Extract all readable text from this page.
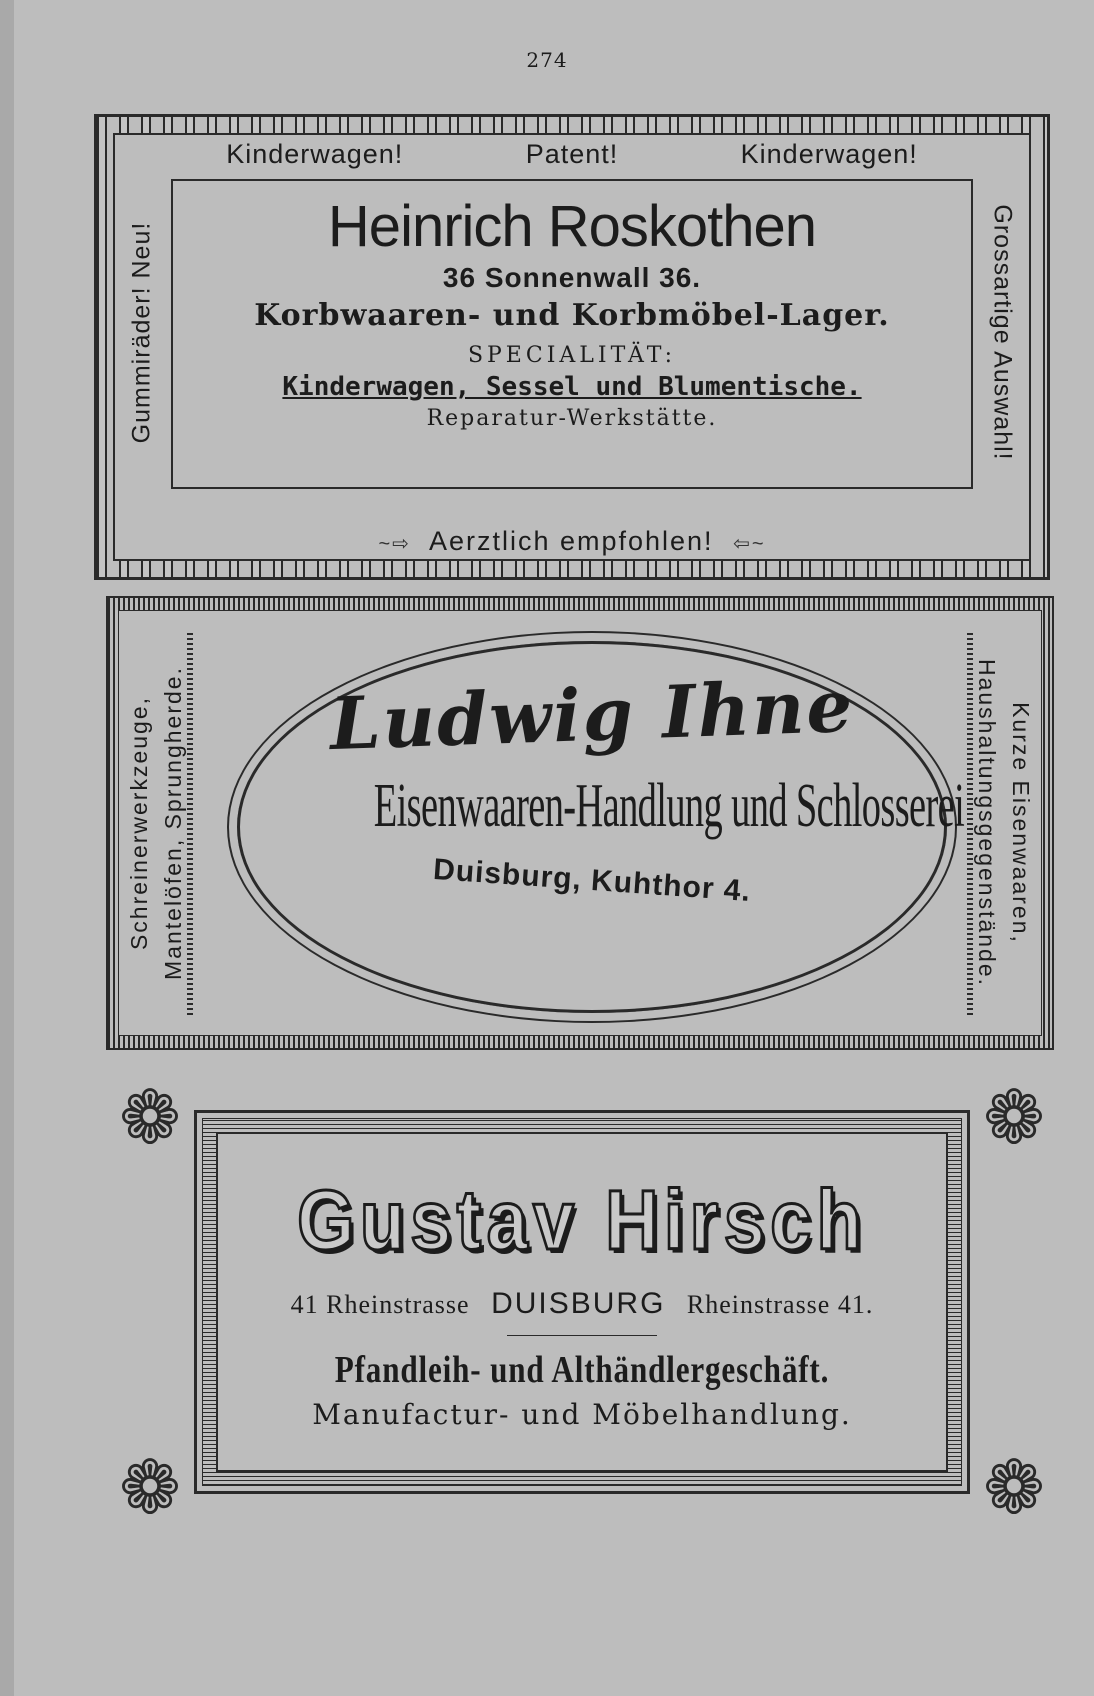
274
Kinderwagen!	Patent!	Kinderwagen!
Gummiräder! Neu!	Grossartige Auswahl!
Heinrich Roskothen
36 Sonnenwall 36.
Korbwaaren- und Korbmöbel-Lager.
SPECIALITÄT:
Kinderwagen, Sessel und Blumentische.
Reparatur-Werkstätte.
~⇨ Aerztlich empfohlen! ⇦~
Schreinerwerkzeuge, Mantelöfen, Sprungherde.	Kurze Eisenwaaren,
Haushaltungsgegenstände.
Ludwig Ihne
Eisenwaaren-Handlung und Schlosserei
Duisburg, Kuhthor 4.
❁	❁
❁	❁
Gustav Hirsch
41 Rheinstrasse DUISBURG Rheinstrasse 41.
Pfandleih- und Althändlergeschäft.
Manufactur- und Möbelhandlung.
